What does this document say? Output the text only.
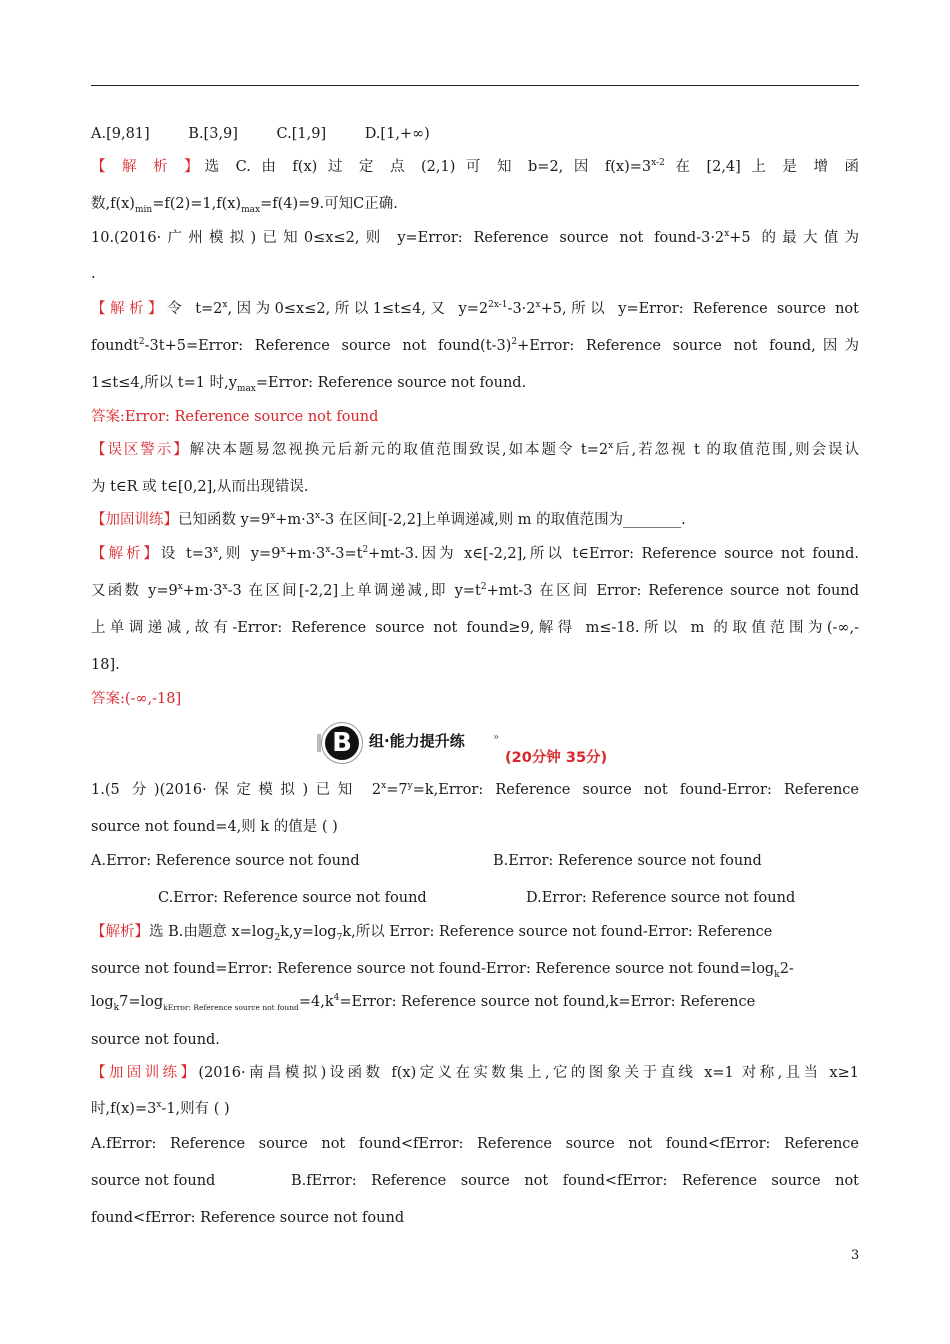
A.[9,81]	B.[3,9]	C.[1,9]	D.[1,+∞)
【 解 析 】选 C. 由 f(x) 过 定 点 (2,1) 可 知 b=2, 因 $f(x)=3^{x-2}$ 在 [2,4] 上 是 增 函
数$,f(x)_{min}=f(2)=1,f(x)_{max}=f(4)=9$.可知C正确.
10.(2016·广州模拟)已知0≤x≤2,则 y=Error: Reference source not found-$3\cdot 2^x+5$ 的最大值为
.
【解析】令 $t=2^x$,因为0≤x≤2,所以1≤t≤4,又 $y=2^{2x-1}-3\cdot 2^x+5$,所以 y=Error: Reference source not
foundt$^2$-3t+5=Error: Reference source not $found(t-3)^2+Error$: Reference source not found,因为
1≤t≤4,所以 t=1 时$,y_{max}=Error$: Reference source not found.
答案:Error: Reference source not found
【误区警示】解决本题易忽视换元后新元的取值范围致误,如本题令 $t=2^x$后,若忽视 t 的取值范围,则会误认
为 t∈R 或 t∈[0,2],从而出现错误.
【加固训练】已知函数 $y=9^x+m\cdot 3^x-3$ 在区间[-2,2]上单调递减,则 m 的取值范围为________.
【解析】设 $t=3^x$,则 $y=9^x+m\cdot 3^x-3=t^2+mt-3$.因为 x∈[-2,2],所以 t∈Error: Reference source not found.
又函数 $y=9^x+m\cdot 3^x-3$ 在区间[-2,2]上单调递减,即 $y=t^2+mt-3$ 在区间 Error: Reference source not found
上单调递减,故有-Error: Reference source not found≥9,解得 m≤-18.所以 m 的取值范围为(-∞,-
18].
答案:(-∞,-18]
B	组·能力提升练	»
(20分钟 35分)
1.(5 分)(2016·保定模拟)已知 $2^x=7^y=k,Error$: Reference source not found-Error: Reference
source not found=4,则 k 的值是 ( )
A.Error: Reference source not found	B.Error: Reference source not found
C.Error: Reference source not found	D.Error: Reference source not found
【解析】选 B.由题意 $x=\log_2k,y=\log_7k$,所以 Error: Reference source not found-Error: Reference
source not found=Error: Reference source not found-Error: Reference source not $found=\log_k2-$
$\log_k7=\log_{kError: Reference source not found}=4,k^4=Error$: Reference source not found,k=Error: Reference
source not found.
【加固训练】(2016·南昌模拟)设函数 f(x)定义在实数集上,它的图象关于直线 x=1 对称,且当 x≥1
时$,f(x)=3^x-1$,则有 ( )
A.fError: Reference source not found<fError: Reference source not found<fError: Reference
source not found	B.fError: Reference source not found<fError: Reference source not
found<fError: Reference source not found
3
